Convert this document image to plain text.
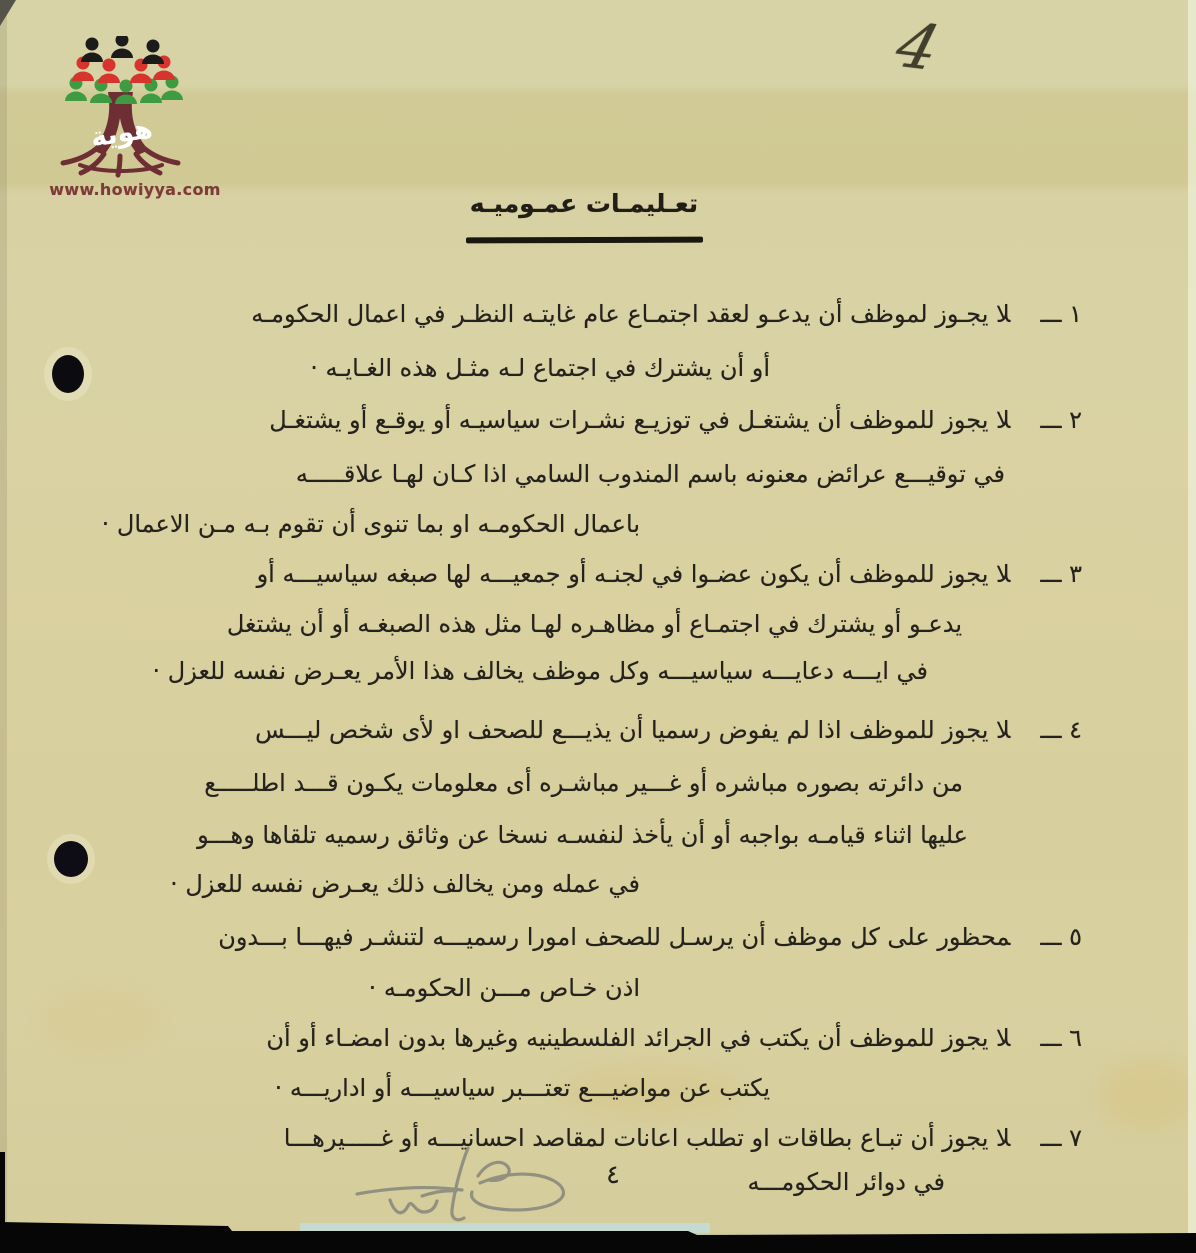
هوية
www.howiyya.com
4
تعـليمـات عمـوميـه
١ ـــلا يجـوز لموظف أن يدعـو لعقد اجتمـاع عام غايتـه النظـر في اعمال الحكومـه
أو أن يشترك في اجتماع لـه مثـل هذه الغـايـه ·
٢ ـــلا يجوز للموظف أن يشتغـل في توزيـع نشـرات سياسيـه أو يوقـع أو يشتغـل
في توقيـــع عرائض معنونه باسم المندوب السامي اذا كـان لهـا علاقـــــه
باعمال الحكومـه او بما تنوى أن تقوم بـه مـن الاعمال ·
٣ ـــلا يجوز للموظف أن يكون عضـوا في لجنـه أو جمعيـــه لها صبغه سياسيـــه أو
يدعـو أو يشترك في اجتمـاع أو مظاهـره لهـا مثل هذه الصبغـه أو أن يشتغل
في ايـــه دعايـــه سياسيـــه وكل موظف يخالف هذا الأمر يعـرض نفسه للعزل ·
٤ ـــلا يجوز للموظف اذا لم يفوض رسميا أن يذيـــع للصحف او لأى شخص ليـــس
من دائرته بصوره مباشره أو غـــير مباشـره أى معلومات يكـون قـــد اطلـــــع
عليها اثناء قيامـه بواجبه أو أن يأخذ لنفسـه نسخا عن وثائق رسميه تلقاها وهـــو
في عمله ومن يخالف ذلك يعـرض نفسه للعزل ·
٥ ـــمحظور على كل موظف أن يرسـل للصحف امورا رسميـــه لتنشـر فيهـــا بـــدون
اذن خـاص مـــن الحكومـه ·
٦ ـــلا يجوز للموظف أن يكتب في الجرائد الفلسطينيه وغيرها بدون امضـاء أو أن
يكتب عن مواضيـــع تعتـــبر سياسيـــه أو اداريـــه ·
٧ ـــلا يجوز أن تبـاع بطاقات او تطلب اعانات لمقاصد احسانيـــه أو غـــــيرهـــا
في دوائر الحكومـــه
٤
